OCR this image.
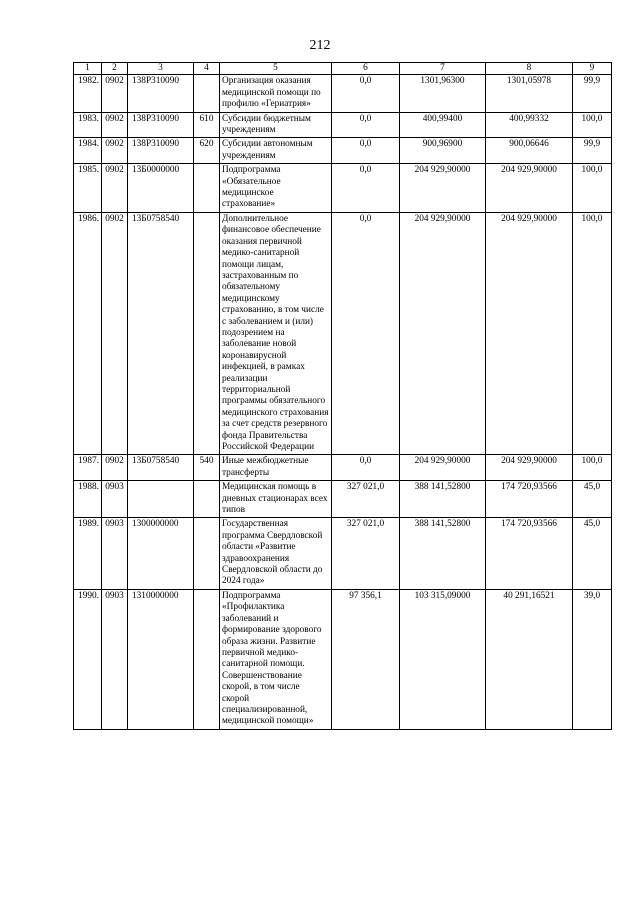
212
1	2	3	4	5	6	7	8	9
1982.	0902	138Р310090		Организация оказания медицинской помощи по профилю «Гериатрия»	0,0	1301,96300	1301,05978	99,9
1983.	0902	138Р310090	610	Субсидии бюджетным учреждениям	0,0	400,99400	400,99332	100,0
1984.	0902	138Р310090	620	Субсидии автономным учреждениям	0,0	900,96900	900,06646	99,9
1985.	0902	13Б0000000		Подпрограмма «Обязательное медицинское страхование»	0,0	204 929,90000	204 929,90000	100,0
1986.	0902	13Б0758540		Дополнительное финансовое обеспечение оказания первичной медико-санитарной помощи лицам, застрахованным по обязательному медицинскому страхованию, в том числе с заболеванием и (или) подозрением на заболевание новой коронавирусной инфекцией, в рамках реализации территориальной программы обязательного медицинского страхования за счет средств резервного фонда Правительства Российской Федерации	0,0	204 929,90000	204 929,90000	100,0
1987.	0902	13Б0758540	540	Иные межбюджетные трансферты	0,0	204 929,90000	204 929,90000	100,0
1988.	0903			Медицинская помощь в дневных стационарах всех типов	327 021,0	388 141,52800	174 720,93566	45,0
1989.	0903	1300000000		Государственная программа Свердловской области «Развитие здравоохранения Свердловской области до 2024 года»	327 021,0	388 141,52800	174 720,93566	45,0
1990.	0903	1310000000		Подпрограмма «Профилактика заболеваний и формирование здорового образа жизни. Развитие первичной медико-санитарной помощи. Совершенствование скорой, в том числе скорой специализированной, медицинской помощи»	97 356,1	103 315,09000	40 291,16521	39,0
